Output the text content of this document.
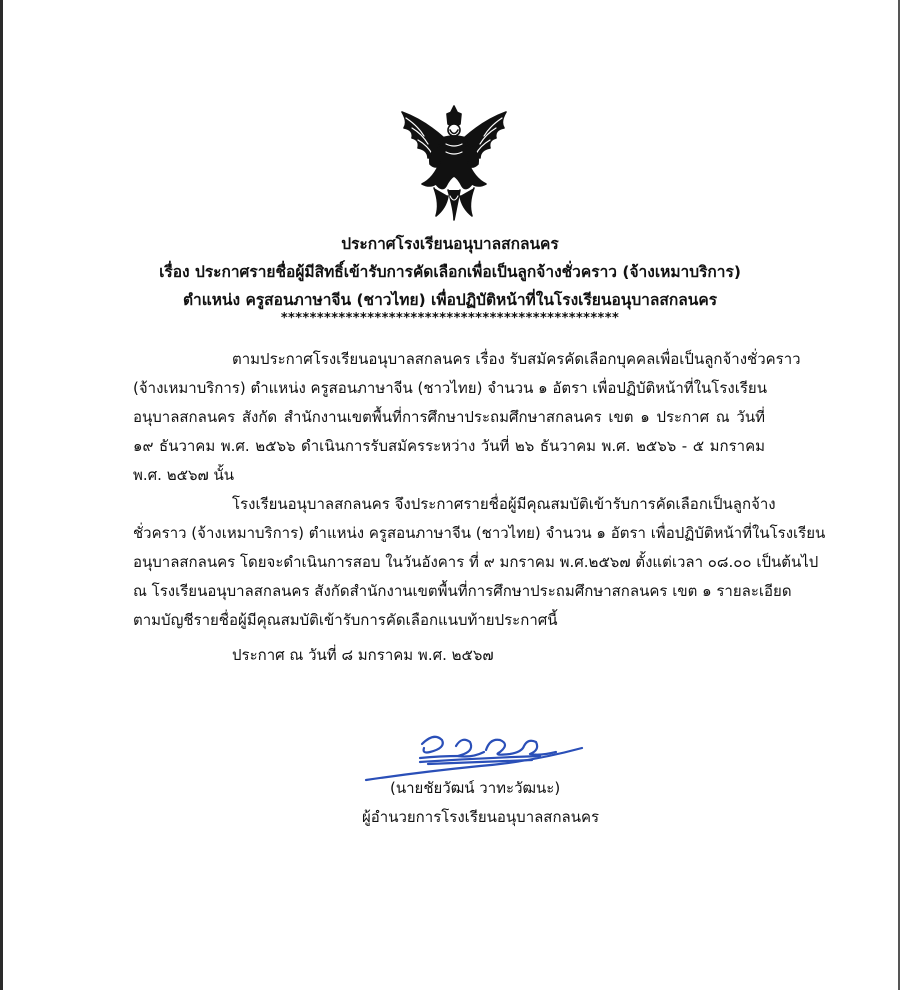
ประกาศโรงเรียนอนุบาลสกลนคร
เรื่อง ประกาศรายชื่อผู้มีสิทธิ์เข้ารับการคัดเลือกเพื่อเป็นลูกจ้างชั่วคราว (จ้างเหมาบริการ)
ตำแหน่ง ครูสอนภาษาจีน (ชาวไทย) เพื่อปฏิบัติหน้าที่ในโรงเรียนอนุบาลสกลนคร
***********************************************
ตามประกาศโรงเรียนอนุบาลสกลนคร เรื่อง รับสมัครคัดเลือกบุคคลเพื่อเป็นลูกจ้างชั่วคราว
(จ้างเหมาบริการ) ตำแหน่ง ครูสอนภาษาจีน (ชาวไทย) จำนวน ๑ อัตรา เพื่อปฏิบัติหน้าที่ในโรงเรียน
อนุบาลสกลนคร สังกัด สำนักงานเขตพื้นที่การศึกษาประถมศึกษาสกลนคร เขต ๑ ประกาศ ณ วันที่
๑๙ ธันวาคม พ.ศ. ๒๕๖๖ ดำเนินการรับสมัครระหว่าง วันที่ ๒๖ ธันวาคม พ.ศ. ๒๕๖๖ - ๕ มกราคม
พ.ศ. ๒๕๖๗ นั้น
โรงเรียนอนุบาลสกลนคร จึงประกาศรายชื่อผู้มีคุณสมบัติเข้ารับการคัดเลือกเป็นลูกจ้าง
ชั่วคราว (จ้างเหมาบริการ) ตำแหน่ง ครูสอนภาษาจีน (ชาวไทย) จำนวน ๑ อัตรา เพื่อปฏิบัติหน้าที่ในโรงเรียน
อนุบาลสกลนคร โดยจะดำเนินการสอบ ในวันอังคาร ที่ ๙ มกราคม พ.ศ.๒๕๖๗ ตั้งแต่เวลา ๐๘.๐๐ เป็นต้นไป
ณ โรงเรียนอนุบาลสกลนคร สังกัดสำนักงานเขตพื้นที่การศึกษาประถมศึกษาสกลนคร เขต ๑ รายละเอียด
ตามบัญชีรายชื่อผู้มีคุณสมบัติเข้ารับการคัดเลือกแนบท้ายประกาศนี้
ประกาศ ณ วันที่ ๘ มกราคม พ.ศ. ๒๕๖๗
(นายชัยวัฒน์ วาทะวัฒนะ)
ผู้อำนวยการโรงเรียนอนุบาลสกลนคร
